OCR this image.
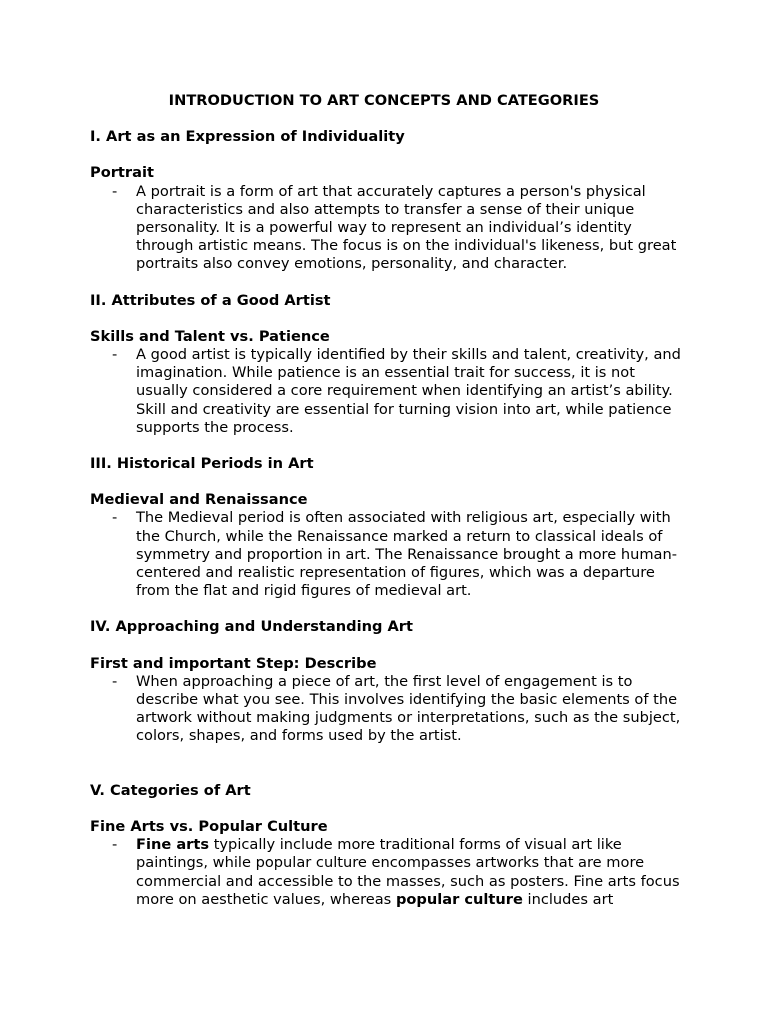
INTRODUCTION TO ART CONCEPTS AND CATEGORIES
I. Art as an Expression of Individuality
Portrait
- A portrait is a form of art that accurately captures a person's physical characteristics and also attempts to transfer a sense of their unique personality. It is a powerful way to represent an individual’s identity through artistic means. The focus is on the individual's likeness, but great portraits also convey emotions, personality, and character.

II. Attributes of a Good Artist
Skills and Talent vs. Patience
- A good artist is typically identified by their skills and talent, creativity, and imagination. While patience is an essential trait for success, it is not usually considered a core requirement when identifying an artist’s ability. Skill and creativity are essential for turning vision into art, while patience supports the process.

III. Historical Periods in Art
Medieval and Renaissance
- The Medieval period is often associated with religious art, especially with the Church, while the Renaissance marked a return to classical ideals of symmetry and proportion in art. The Renaissance brought a more human-centered and realistic representation of figures, which was a departure from the flat and rigid figures of medieval art.

IV. Approaching and Understanding Art
First and important Step: Describe
- When approaching a piece of art, the first level of engagement is to describe what you see. This involves identifying the basic elements of the artwork without making judgments or interpretations, such as the subject, colors, shapes, and forms used by the artist.

V. Categories of Art
Fine Arts vs. Popular Culture
- Fine arts typically include more traditional forms of visual art like paintings, while popular culture encompasses artworks that are more commercial and accessible to the masses, such as posters. Fine arts focus more on aesthetic values, whereas popular culture includes art
